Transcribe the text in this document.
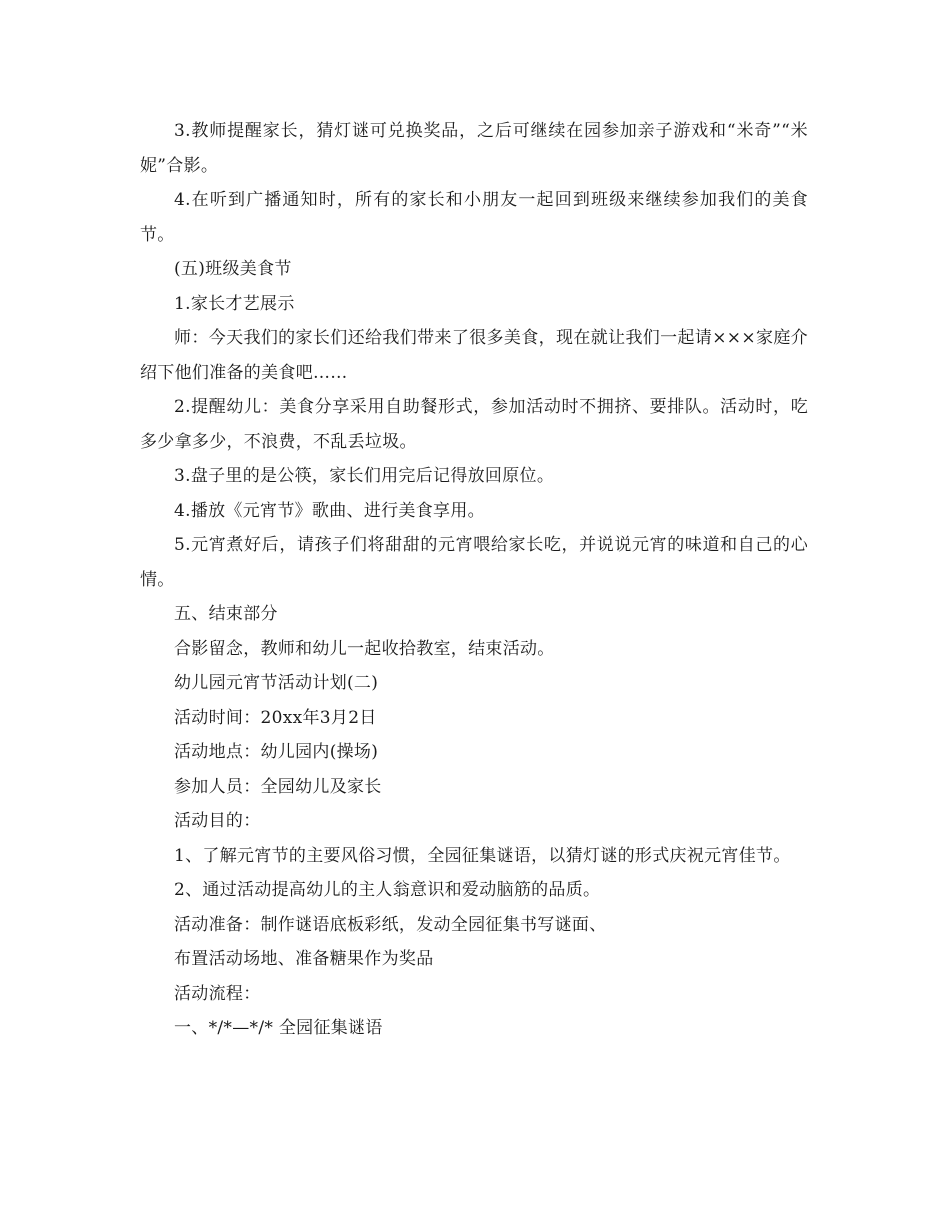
3.教师提醒家长，猜灯谜可兑换奖品，之后可继续在园参加亲子游戏和“米奇”“米妮”合影。

4.在听到广播通知时，所有的家长和小朋友一起回到班级来继续参加我们的美食节。

(五)班级美食节

1.家长才艺展示

师：今天我们的家长们还给我们带来了很多美食，现在就让我们一起请×××家庭介绍下他们准备的美食吧……

2.提醒幼儿：美食分享采用自助餐形式，参加活动时不拥挤、要排队。活动时，吃多少拿多少，不浪费，不乱丢垃圾。

3.盘子里的是公筷，家长们用完后记得放回原位。

4.播放《元宵节》歌曲、进行美食享用。

5.元宵煮好后，请孩子们将甜甜的元宵喂给家长吃，并说说元宵的味道和自己的心情。

五、结束部分

合影留念，教师和幼儿一起收拾教室，结束活动。

幼儿园元宵节活动计划(二)

活动时间：20xx年3月2日

活动地点：幼儿园内(操场)

参加人员：全园幼儿及家长

活动目的：

1、了解元宵节的主要风俗习惯，全园征集谜语，以猜灯谜的形式庆祝元宵佳节。

2、通过活动提高幼儿的主人翁意识和爱动脑筋的品质。

活动准备：制作谜语底板彩纸，发动全园征集书写谜面、

布置活动场地、准备糖果作为奖品

活动流程：

一、*/*—*/* 全园征集谜语
